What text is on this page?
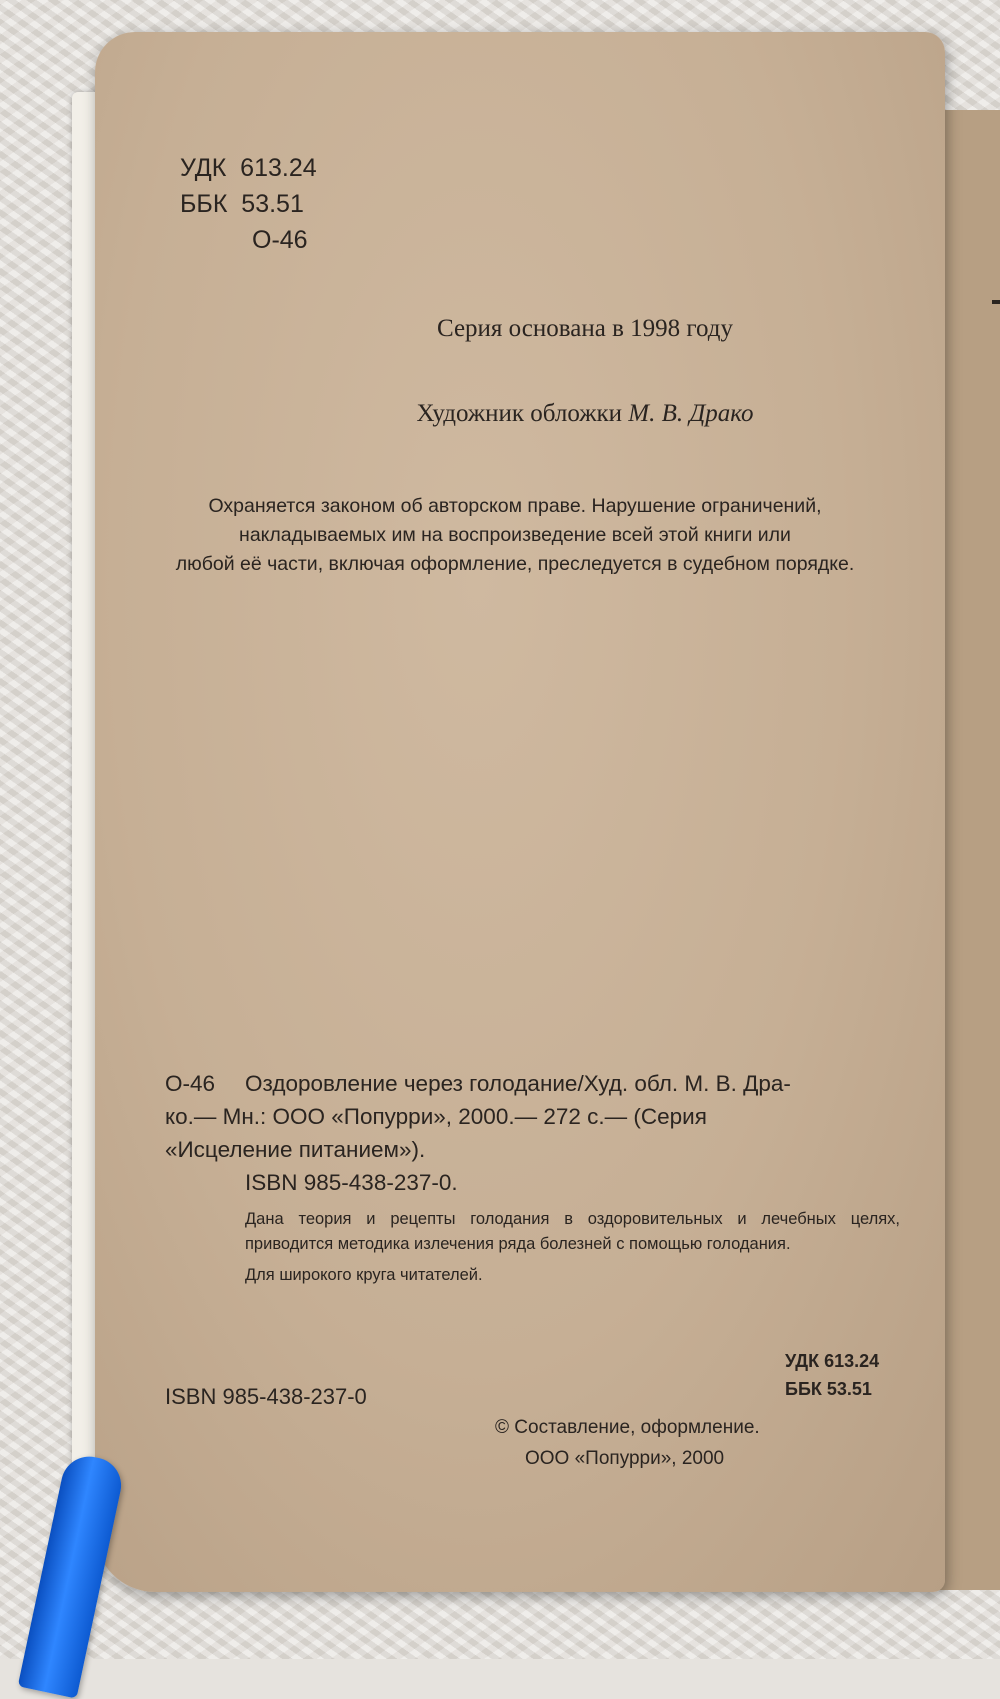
УДК 613.24
ББК 53.51
О-46
Серия основана в 1998 году
Художник обложки М. В. Драко
Охраняется законом об авторском праве. Нарушение ограничений,
накладываемых им на воспроизведение всей этой книги или
любой её части, включая оформление, преследуется в судебном порядке.
О-46 Оздоровление через голодание/Худ. обл. М. В. Дра-
ко.— Мн.: ООО «Попурри», 2000.— 272 с.— (Серия
«Исцеление питанием»).
ISBN 985-438-237-0.
Дана теория и рецепты голодания в оздоровительных и лечебных целях, приводится методика излечения ряда болезней с помощью голодания.
Для широкого круга читателей.
УДК 613.24
ББК 53.51
ISBN 985-438-237-0
© Составление, оформление.
ООО «Попурри», 2000
